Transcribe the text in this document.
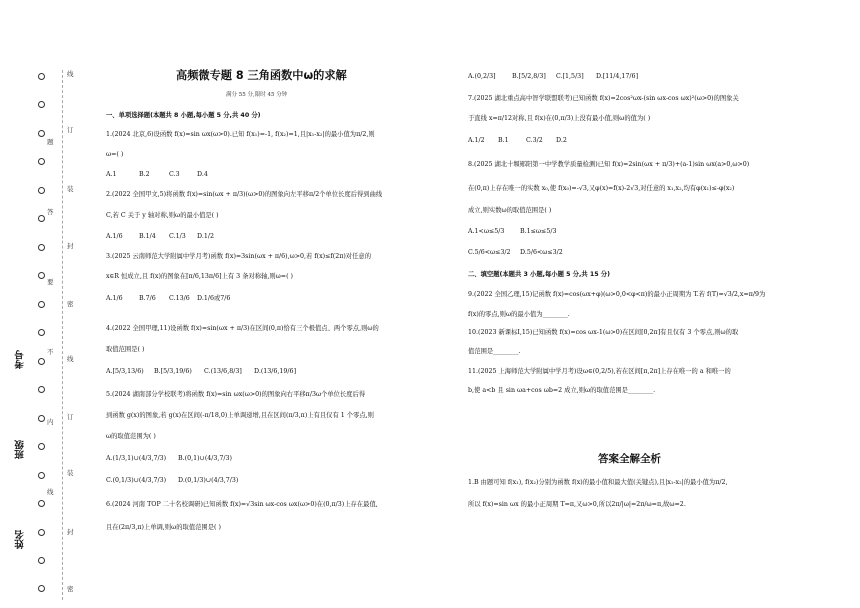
线
订
装
封
密
线
订
装
封
密
题
答
要
不
内
线
姓名
班级
考号
高频微专题 8 三角函数中ω的求解
满分 55 分,限时 45 分钟
一、单项选择题(本题共 8 小题,每小题 5 分,共 40 分)
1.(2024 北京,6)设函数 f(x)=sin ωx(ω>0).已知 f(x₁)=-1, f(x₂)=1,且|x₁-x₂|的最小值为π/2,则
ω=( )
A.1	B.2	C.3	D.4
2.(2022 全国甲文,5)将函数 f(x)=sin(ωx + π/3)(ω>0)的图象向左平移π/2个单位长度后得到曲线
C,若 C 关于 y 轴对称,则ω的最小值是( )
A.1/6	B.1/4 C.1/3 D.1/2
3.(2025 云南师范大学附属中学月考)函数 f(x)=3sin(ωx + π/6),ω>0,若 f(x)≤f(2π)对任意的
x∈R 恒成立,且 f(x)的图象在[π/6,13π/6]上有 3 条对称轴,则ω=( )
A.1/6	B.7/6 C.13/6 D.1/6或7/6
4.(2022 全国甲理,11)设函数 f(x)=sin(ωx + π/3)在区间(0,π)恰有三个极值点、两个零点,则ω的
取值范围是( )
A.[5/3,13/6) B.[5/3,19/6) C.(13/6,8/3] D.(13/6,19/6]
5.(2024 湖南部分学校联考)将函数 f(x)=sin ωx(ω>0)的图象向右平移π/3ω个单位长度后得
到函数 g(x)的图象,若 g(x)在区间(-π/18,0)上单调递增,且在区间(π/3,π)上有且仅有 1 个零点,则
ω的取值范围为( )
A.(1/3,1)∪(4/3,7/3) B.(0,1)∪(4/3,7/3)
C.(0,1/3)∪(4/3,7/3) D.(0,1/3)∪(4/3,7/3)
6.(2024 河南 TOP 二十名校调研)已知函数 f(x)=√3sin ωx-cos ωx(ω>0)在(0,π/3)上存在最值,
且在(2π/3,π)上单调,则ω的取值范围是( )
A.(0,2/3]	B.[5/2,8/3] C.[1,5/3] D.[11/4,17/6]
7.(2025 湖北重点高中智学联盟联考)已知函数 f(x)=2cos²ωx-(sin ωx-cos ωx)²(ω>0)的图象关
于直线 x=π/12对称,且 f(x)在(0,π/3)上没有最小值,则ω的值为( )
A.1/2 B.1	C.3/2 D.2
8.(2025 湖北十堰郧阳第一中学教学质量检测)已知 f(x)=2sin(ωx + π/3)+(a-1)sin ωx(a>0,ω>0)
在(0,π)上存在唯一的实数 x₀,使 f(x₀)=-√3,又φ(x)=f(x)-2√3,对任意的 x₁,x₂,均有φ(x₁)≤-φ(x₂)
成立,则实数ω的取值范围是( )
A.1<ω≤5/3 B.1≤ω≤5/3
C.5/6<ω≤3/2 D.5/6<ω≤3/2
二、填空题(本题共 3 小题,每小题 5 分,共 15 分)
9.(2022 全国乙理,15)记函数 f(x)=cos(ωx+φ)(ω>0,0<φ<π)的最小正周期为 T.若 f(T)=√3/2,x=π/9为
f(x)的零点,则ω的最小值为________.
10.(2023 新课标Ⅰ,15)已知函数 f(x)=cos ωx-1(ω>0)在区间[0,2π]有且仅有 3 个零点,则ω的取
值范围是________.
11.(2025 上海师范大学附属中学月考)设ω∈(0,2/5),若在区间[π,2π]上存在唯一的 a 和唯一的
b,使 a<b 且 sin ωa+cos ωb=2 成立,则ω的取值范围是________.
答案全解全析
1.B 由题可知 f(x₁), f(x₂)分别为函数 f(x)的最小值和最大值(关键点),且|x₁-x₂|的最小值为π/2,
所以 f(x)=sin ωx 的最小正周期 T=π,又ω>0,所以2π/|ω|=2π/ω=π,故ω=2.
